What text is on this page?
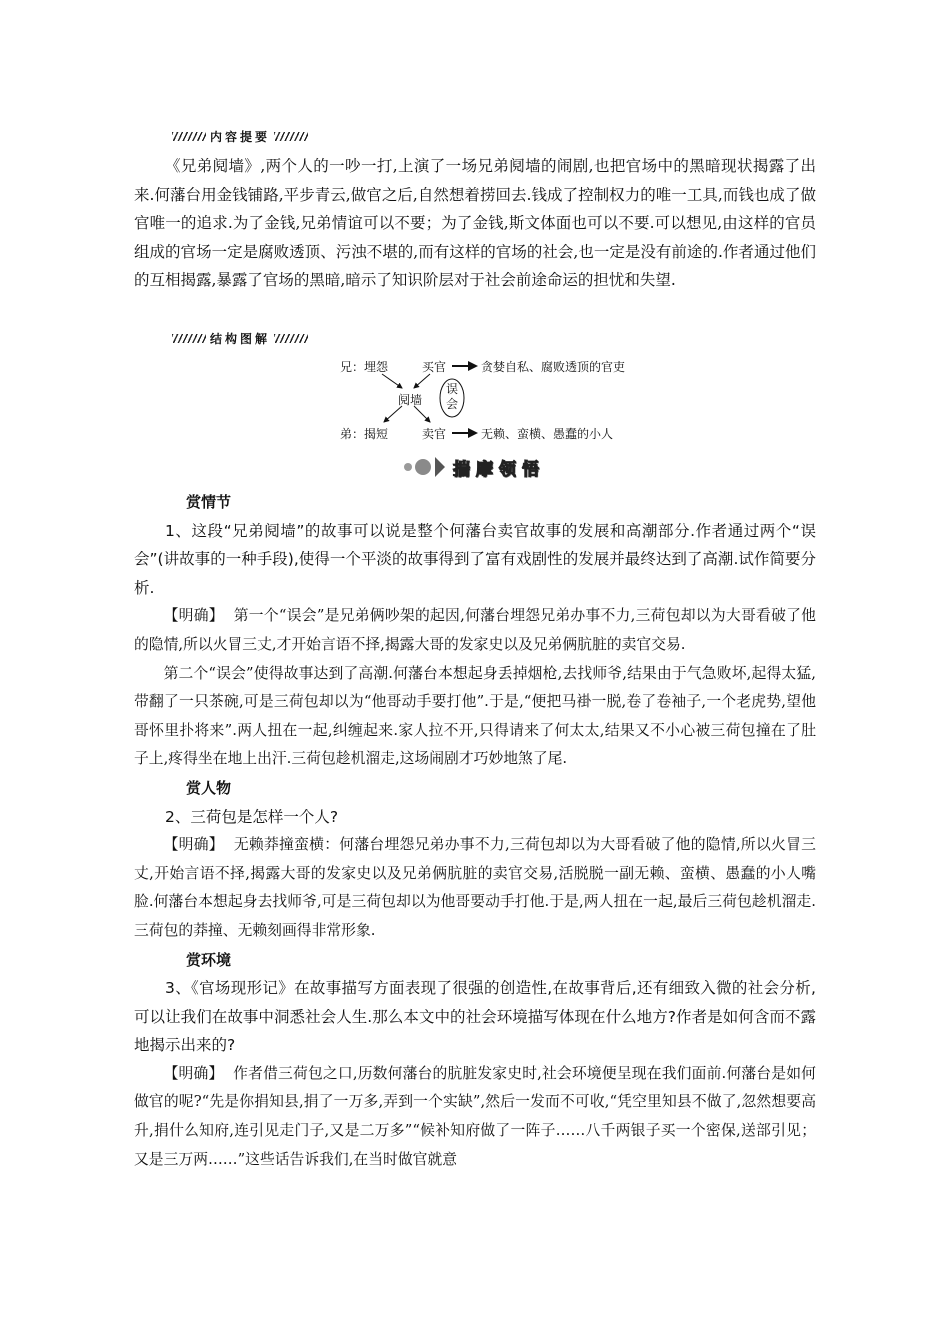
内容提要

《兄弟阋墙》,两个人的一吵一打,上演了一场兄弟阋墙的闹剧,也把官场中的黑暗现状揭露了出来.何藩台用金钱铺路,平步青云,做官之后,自然想着捞回去.钱成了控制权力的唯一工具,而钱也成了做官唯一的追求.为了金钱,兄弟情谊可以不要；为了金钱,斯文体面也可以不要.可以想见,由这样的官员组成的官场一定是腐败透顶、污浊不堪的,而有这样的官场的社会,也一定是没有前途的.作者通过他们的互相揭露,暴露了官场的黑暗,暗示了知识阶层对于社会前途命运的担忧和失望.

结构图解
兄：埋怨	买官	贪婪自私、腐败透顶的官吏
阋墙
误会
弟：揭短	卖官	无赖、蛮横、愚蠢的小人
揣摩领悟

赏情节

1、这段“兄弟阋墙”的故事可以说是整个何藩台卖官故事的发展和高潮部分.作者通过两个“误会”(讲故事的一种手段),使得一个平淡的故事得到了富有戏剧性的发展并最终达到了高潮.试作简要分析.

【明确】 第一个“误会”是兄弟俩吵架的起因,何藩台埋怨兄弟办事不力,三荷包却以为大哥看破了他的隐情,所以火冒三丈,才开始言语不择,揭露大哥的发家史以及兄弟俩肮脏的卖官交易.

第二个“误会”使得故事达到了高潮.何藩台本想起身丢掉烟枪,去找师爷,结果由于气急败坏,起得太猛,带翻了一只茶碗,可是三荷包却以为“他哥动手要打他”.于是,“便把马褂一脱,卷了卷袖子,一个老虎势,望他哥怀里扑将来”.两人扭在一起,纠缠起来.家人拉不开,只得请来了何太太,结果又不小心被三荷包撞在了肚子上,疼得坐在地上出汗.三荷包趁机溜走,这场闹剧才巧妙地煞了尾.

赏人物

2、三荷包是怎样一个人?

【明确】 无赖莽撞蛮横：何藩台埋怨兄弟办事不力,三荷包却以为大哥看破了他的隐情,所以火冒三丈,开始言语不择,揭露大哥的发家史以及兄弟俩肮脏的卖官交易,活脱脱一副无赖、蛮横、愚蠢的小人嘴脸.何藩台本想起身去找师爷,可是三荷包却以为他哥要动手打他.于是,两人扭在一起,最后三荷包趁机溜走.三荷包的莽撞、无赖刻画得非常形象.

赏环境

3、《官场现形记》在故事描写方面表现了很强的创造性,在故事背后,还有细致入微的社会分析,可以让我们在故事中洞悉社会人生.那么本文中的社会环境描写体现在什么地方?作者是如何含而不露地揭示出来的?

【明确】 作者借三荷包之口,历数何藩台的肮脏发家史时,社会环境便呈现在我们面前.何藩台是如何做官的呢?“先是你捐知县,捐了一万多,弄到一个实缺”,然后一发而不可收,“凭空里知县不做了,忽然想要高升,捐什么知府,连引见走门子,又是二万多”“候补知府做了一阵子……八千两银子买一个密保,送部引见；又是三万两……”这些话告诉我们,在当时做官就意
